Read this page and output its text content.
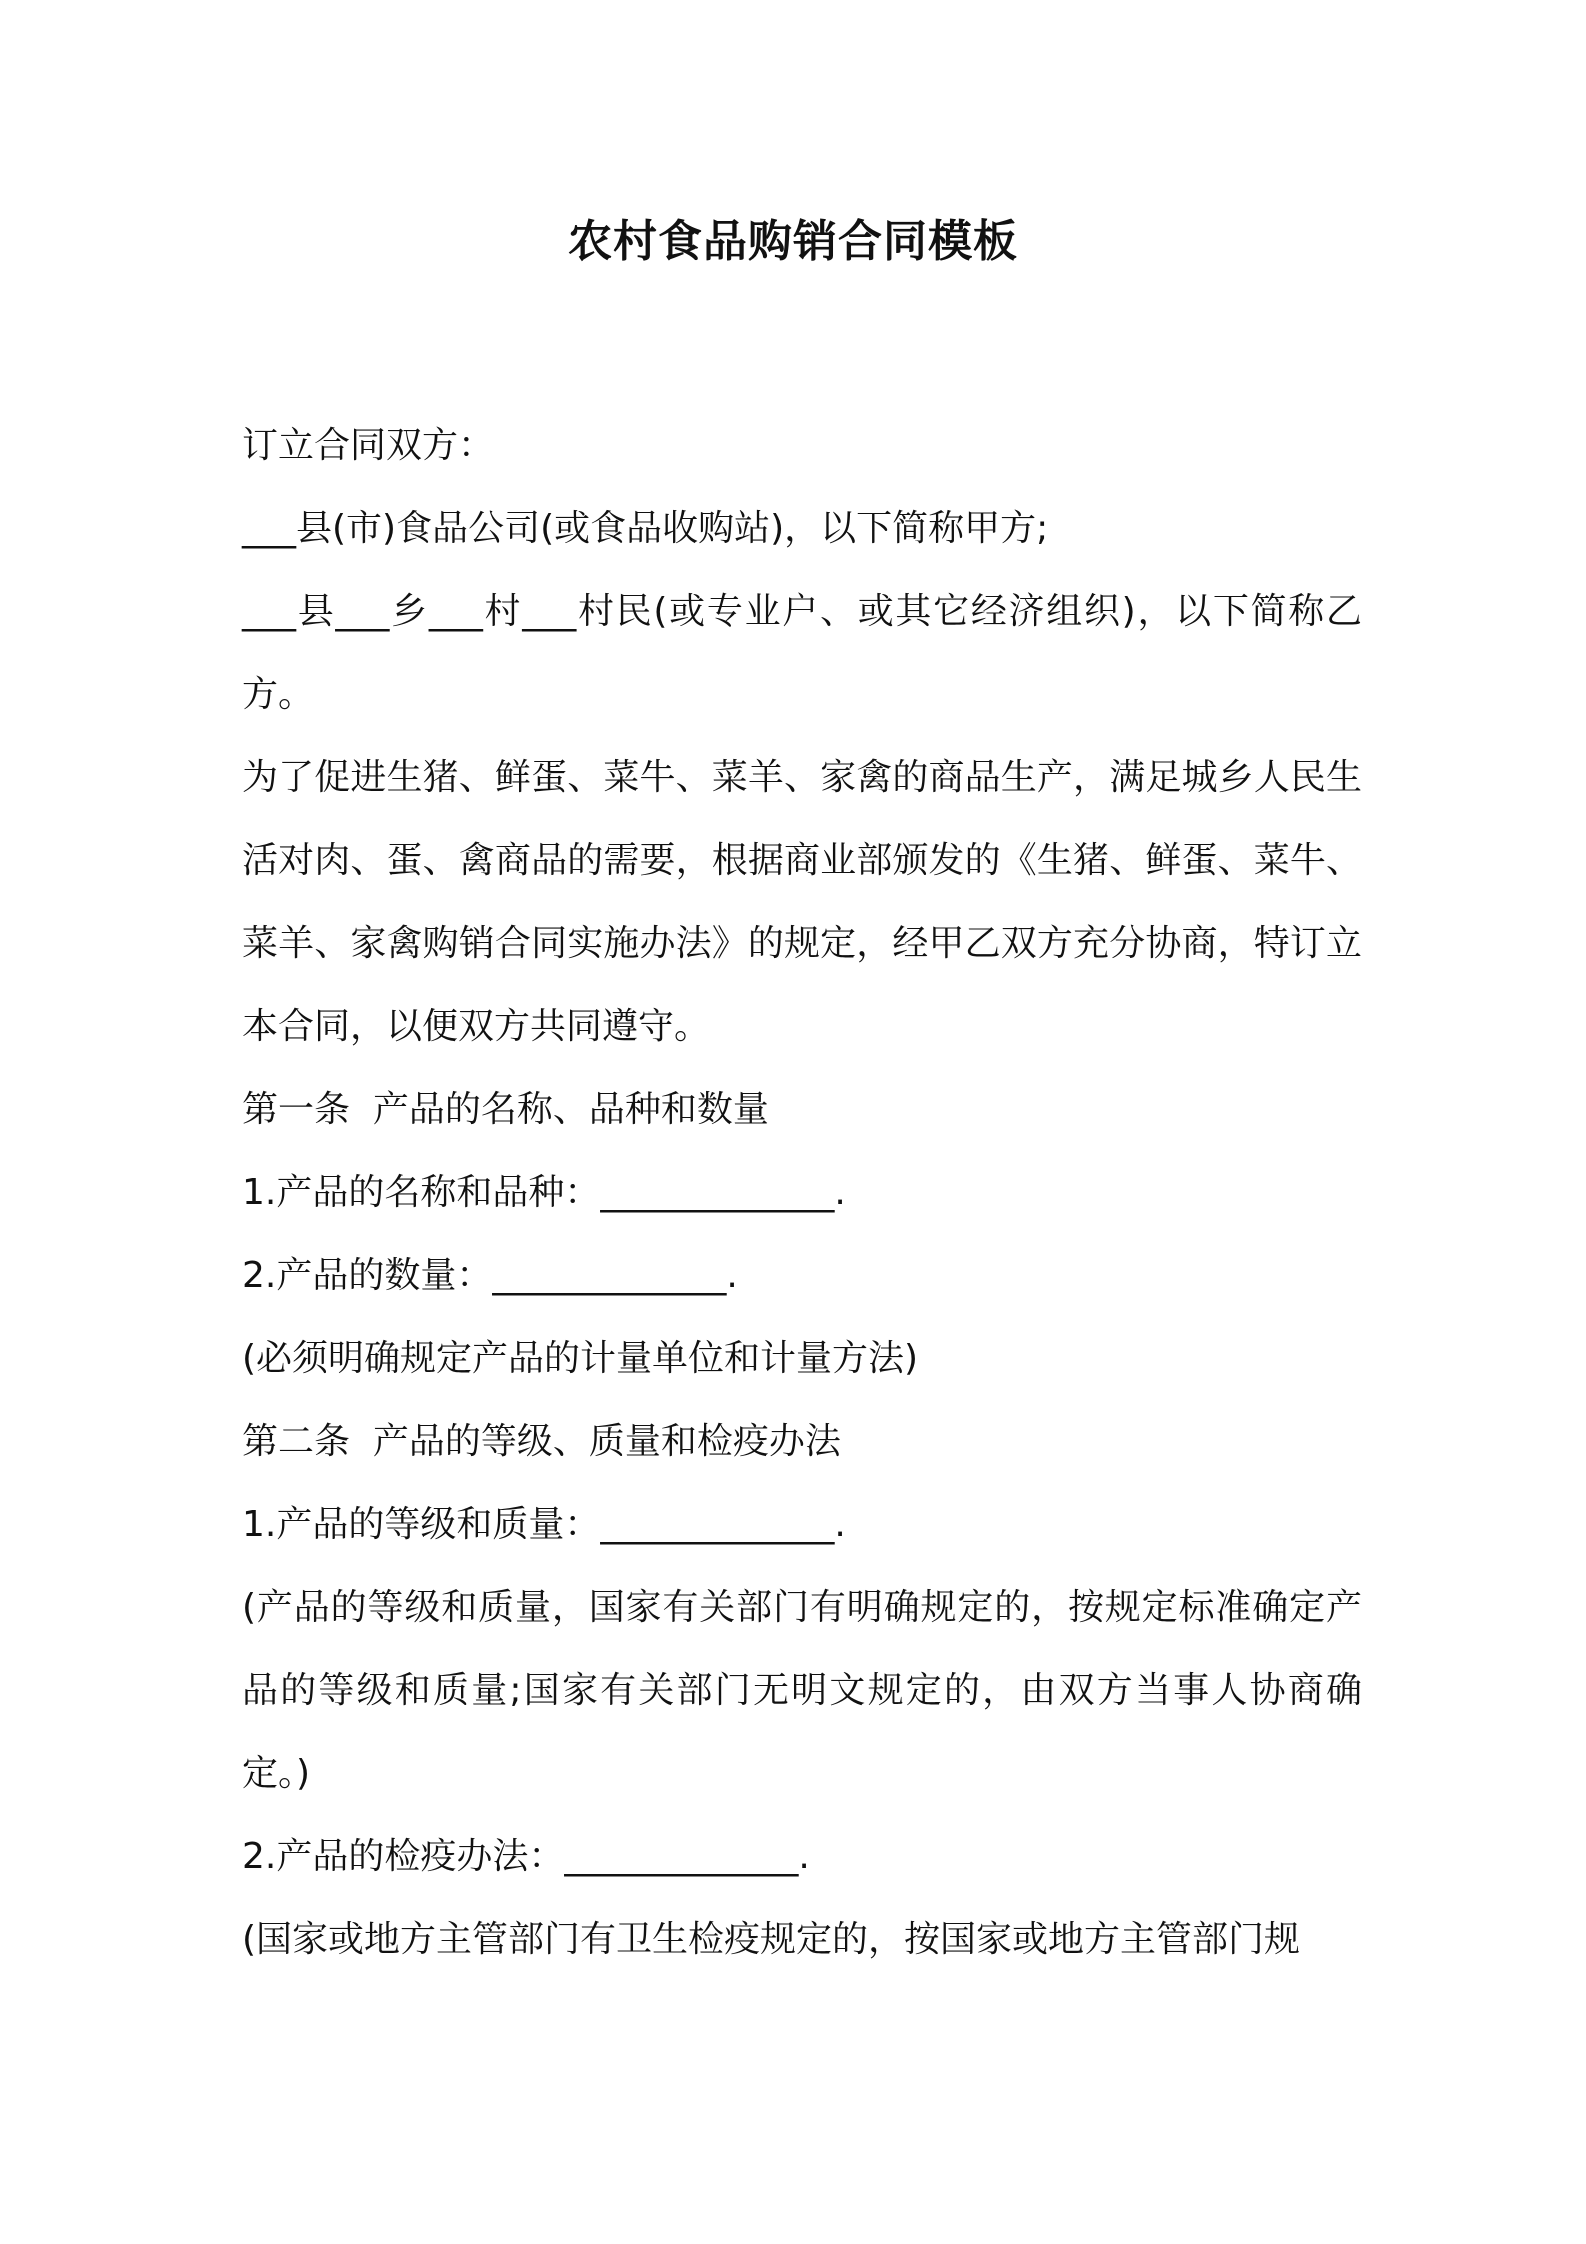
农村食品购销合同模板

订立合同双方：

___县(市)食品公司(或食品收购站)，以下简称甲方;

___县___乡___村___村民(或专业户、或其它经济组织)，以下简称乙方。

为了促进生猪、鲜蛋、菜牛、菜羊、家禽的商品生产，满足城乡人民生活对肉、蛋、禽商品的需要，根据商业部颁发的《生猪、鲜蛋、菜牛、菜羊、家禽购销合同实施办法》的规定，经甲乙双方充分协商，特订立本合同，以便双方共同遵守。

第一条  产品的名称、品种和数量

1.产品的名称和品种：_____________.

2.产品的数量：_____________.

(必须明确规定产品的计量单位和计量方法)

第二条  产品的等级、质量和检疫办法

1.产品的等级和质量：_____________.

(产品的等级和质量，国家有关部门有明确规定的，按规定标准确定产品的等级和质量;国家有关部门无明文规定的，由双方当事人协商确定。)

2.产品的检疫办法：_____________.

(国家或地方主管部门有卫生检疫规定的，按国家或地方主管部门规
